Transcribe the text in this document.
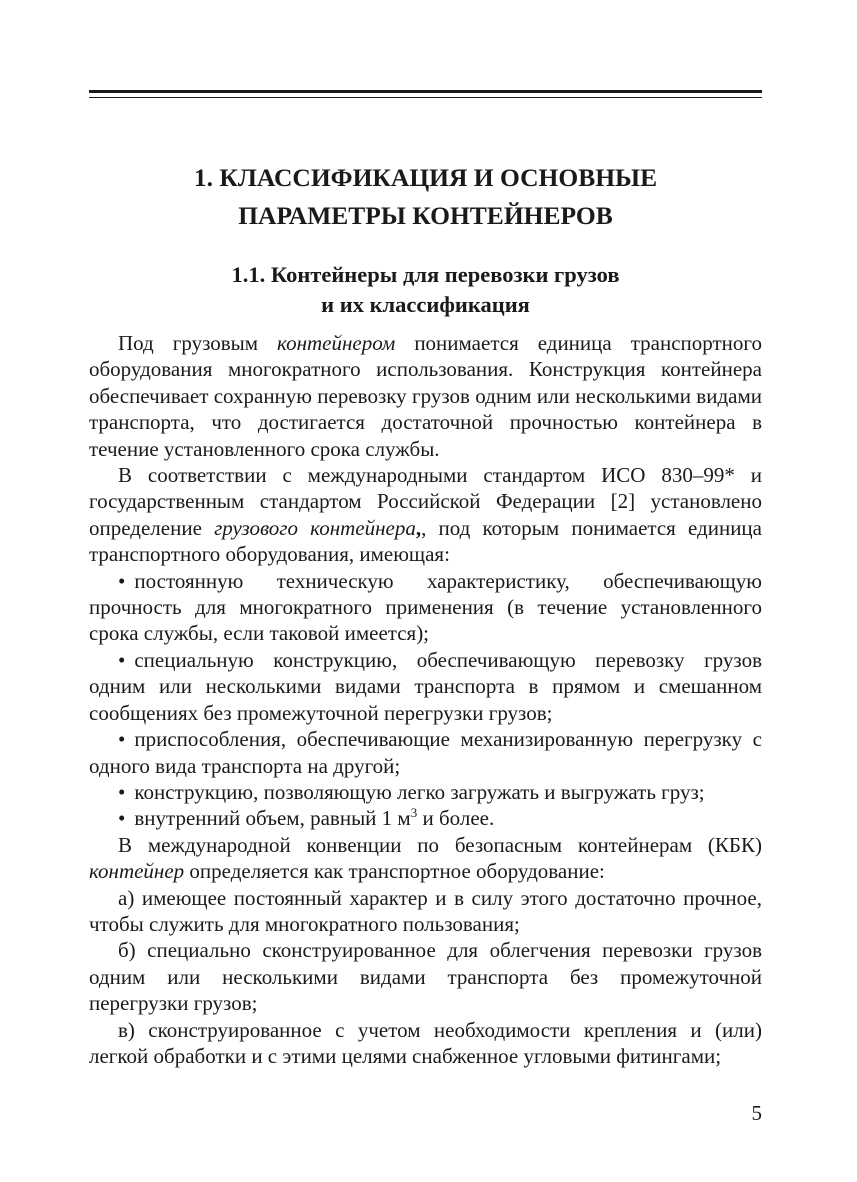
1. КЛАССИФИКАЦИЯ И ОСНОВНЫЕ
ПАРАМЕТРЫ КОНТЕЙНЕРОВ
1.1. Контейнеры для перевозки грузов
и их классификация

Под грузовым контейнером понимается единица транспортного оборудования многократного использования. Конструкция контейнера обеспечивает сохранную перевозку грузов одним или несколькими видами транспорта, что достигается достаточной прочностью контейнера в течение установленного срока службы.

В соответствии с международными стандартом ИСО 830–99* и государственным стандартом Российской Федерации [2] установлено определение грузового контейнера,, под которым понимается единица транспортного оборудования, имеющая:

• постоянную техническую характеристику, обеспечивающую прочность для многократного применения (в течение установленного срока службы, если таковой имеется);

• специальную конструкцию, обеспечивающую перевозку грузов одним или несколькими видами транспорта в прямом и смешанном сообщениях без промежуточной перегрузки грузов;

• приспособления, обеспечивающие механизированную перегрузку с одного вида транспорта на другой;

• конструкцию, позволяющую легко загружать и выгружать груз;

• внутренний объем, равный 1 $м^3$ и более.

В международной конвенции по безопасным контейнерам (КБК) контейнер определяется как транспортное оборудование:

а) имеющее постоянный характер и в силу этого достаточно прочное, чтобы служить для многократного пользования;

б) специально сконструированное для облегчения перевозки грузов одним или несколькими видами транспорта без промежуточной перегрузки грузов;

в) сконструированное с учетом необходимости крепления и (или) легкой обработки и с этими целями снабженное угловыми фитингами;

5
